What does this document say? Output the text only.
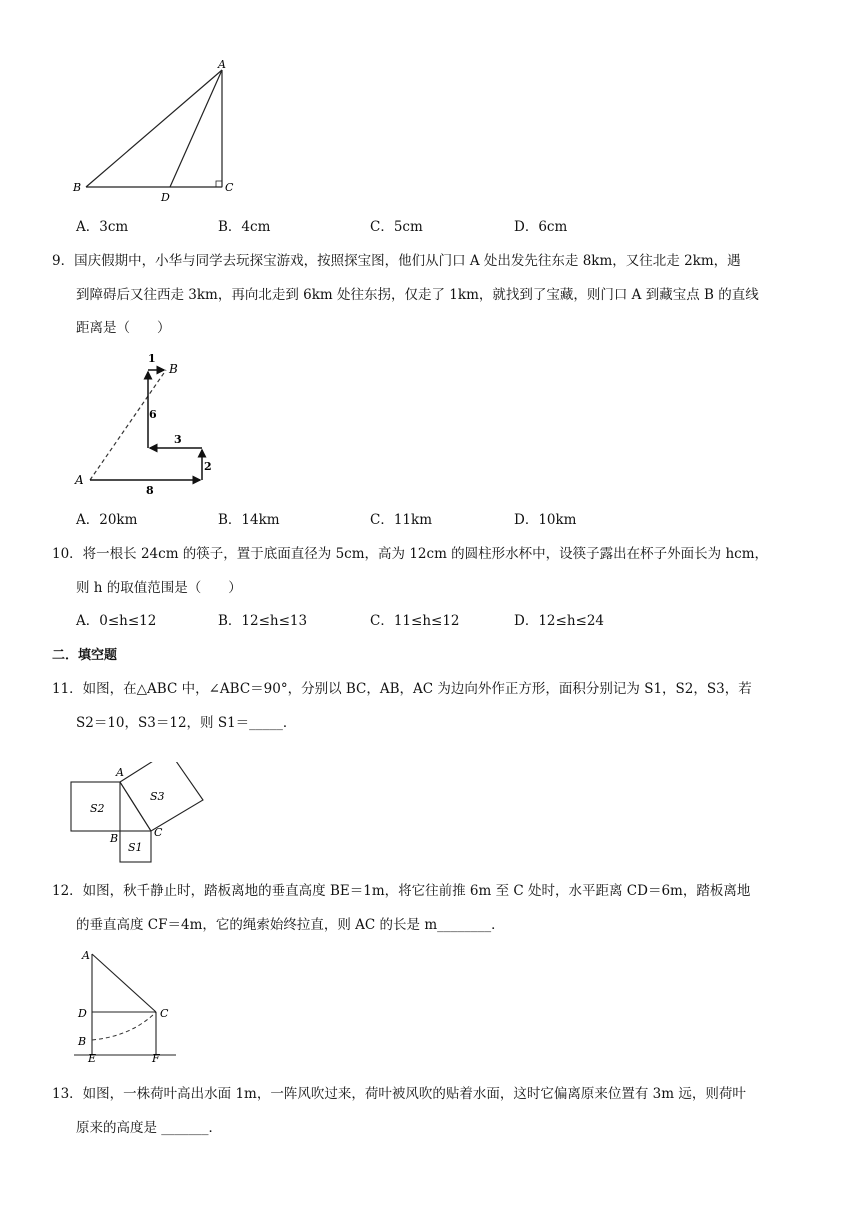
A
B	C
D
A．3cm	B．4cm	C．5cm	D．6cm
9．国庆假期中，小华与同学去玩探宝游戏，按照探宝图，他们从门口 A 处出发先往东走 8km，又往北走 2km，遇
到障碍后又往西走 3km，再向北走到 6km 处往东拐，仅走了 1km，就找到了宝藏，则门口 A 到藏宝点 B 的直线
距离是（　　）
A
B
8
2
3
6
1
A．20km	B．14km	C．11km	D．10km
10．将一根长 24cm 的筷子，置于底面直径为 5cm，高为 12cm 的圆柱形水杯中，设筷子露出在杯子外面长为 hcm，
则 h 的取值范围是（　　）
A．0≤h≤12	B．12≤h≤13	C．11≤h≤12	D．12≤h≤24
二．填空题
11．如图，在△ABC 中，∠ABC＝90°，分别以 BC，AB，AC 为边向外作正方形，面积分别记为 S1，S2，S3，若
S2＝10，S3＝12，则 S1＝_____．
A
B	C
S2
S1
S3
12．如图，秋千静止时，踏板离地的垂直高度 BE＝1m，将它往前推 6m 至 C 处时，水平距离 CD＝6m，踏板离地
的垂直高度 CF＝4m，它的绳索始终拉直，则 AC 的长是 m________．
A
D	C
B
E	F
13．如图，一株荷叶高出水面 1m，一阵风吹过来，荷叶被风吹的贴着水面，这时它偏离原来位置有 3m 远，则荷叶
原来的高度是 _______．
